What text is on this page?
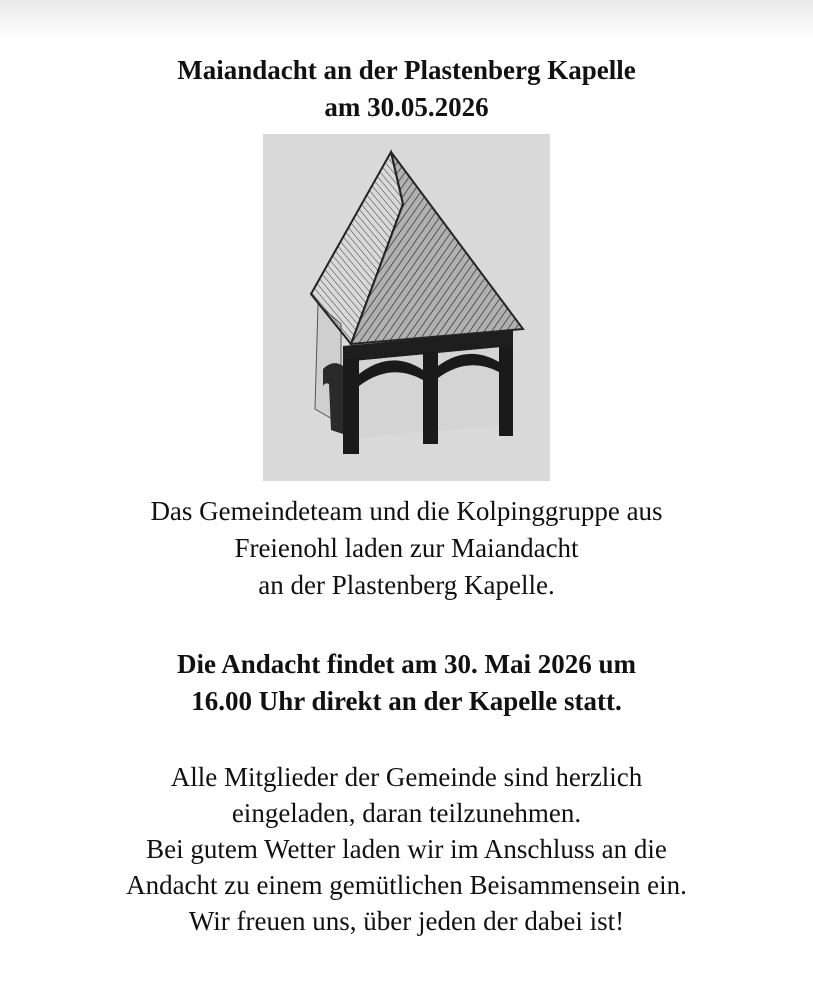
Maiandacht an der Plastenberg Kapelle
am 30.05.2026
Das Gemeindeteam und die Kolpinggruppe aus
Freienohl laden zur Maiandacht
an der Plastenberg Kapelle.
Die Andacht findet am 30. Mai 2026 um
16.00 Uhr direkt an der Kapelle statt.
Alle Mitglieder der Gemeinde sind herzlich
eingeladen, daran teilzunehmen.
Bei gutem Wetter laden wir im Anschluss an die
Andacht zu einem gemütlichen Beisammensein ein.
Wir freuen uns, über jeden der dabei ist!
